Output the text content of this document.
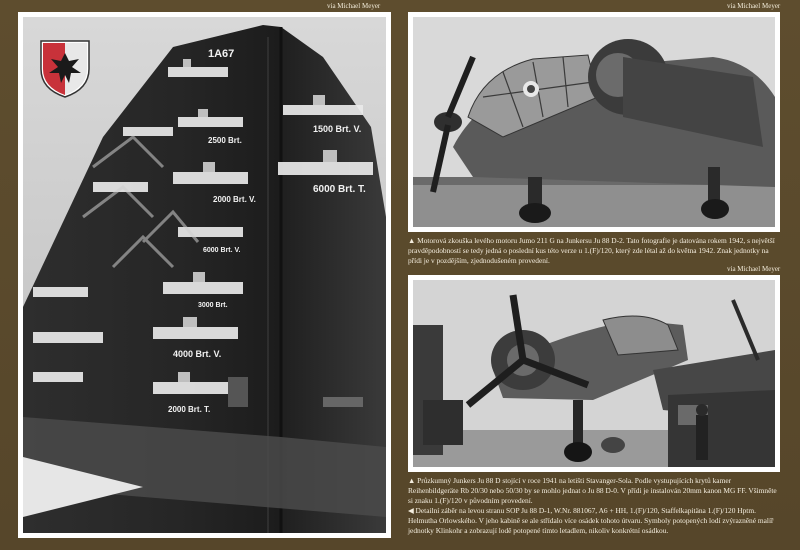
1A67
1500 Brt. V.
2500 Brt.
6000 Brt. T.
2000 Brt. V.
6000 Brt. V.
3000 Brt.
4000 Brt. V.
2000 Brt. T.
via Michael Meyer	via Michael Meyer

▲ Motorová zkouška levého motoru Jumo 211 G na Junkersu Ju 88 D-2. Tato fotografie je datována rokem 1942, s největší pravděpodobností se tedy jedná o poslední kus této verze u 1.(F)/120, který zde létal až do května 1942. Znak jednotky na přídi je v pozdějším, zjednodušeném provedení.

via Michael Meyer

▲ Průzkumný Junkers Ju 88 D stojící v roce 1941 na letišti Stavanger-Sola. Podle vystupujících krytů kamer Reihenbildgeräte Rb 20/30 nebo 50/30 by se mohlo jednat o Ju 88 D-0. V přídi je instalován 20mm kanon MG FF. Všimněte si znaku 1.(F)/120 v původním provedení.

◀ Detailní záběr na levou stranu SOP Ju 88 D-1, W.Nr. 881067, A6 + HH, 1.(F)/120, Staffelkapitäna 1.(F)/120 Hptm. Helmutha Orlowského. V jeho kabině se ale střídalo více osádek tohoto útvaru. Symboly potopených lodí zvýrazněné malíř jednotky Klinkohr a zobrazují lodě potopené tímto letadlem, nikoliv konkrétní osádkou.
